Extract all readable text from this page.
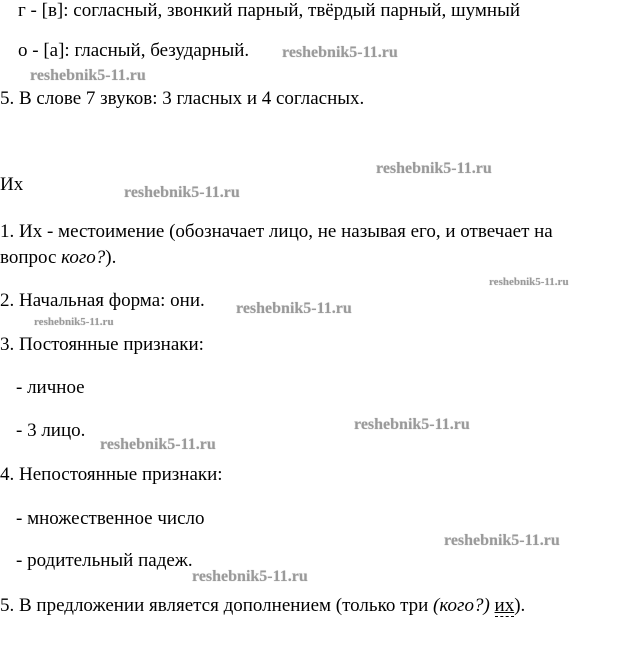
г - [в]: согласный, звонкий парный, твёрдый парный, шумный
о - [а]: гласный, безударный.
5. В слове 7 звуков: 3 гласных и 4 согласных.
Их
1. Их - местоимение (обозначает лицо, не называя его, и отвечает на
вопрос кого?).
2. Начальная форма: они.
3. Постоянные признаки:
- личное
- 3 лицо.
4. Непостоянные признаки:
- множественное число
- родительный падеж.
5. В предложении является дополнением (только три (кого?) их).
reshebnik5-11.ru
reshebnik5-11.ru
reshebnik5-11.ru
reshebnik5-11.ru
reshebnik5-11.ru
reshebnik5-11.ru
reshebnik5-11.ru
reshebnik5-11.ru
reshebnik5-11.ru
reshebnik5-11.ru
reshebnik5-11.ru
